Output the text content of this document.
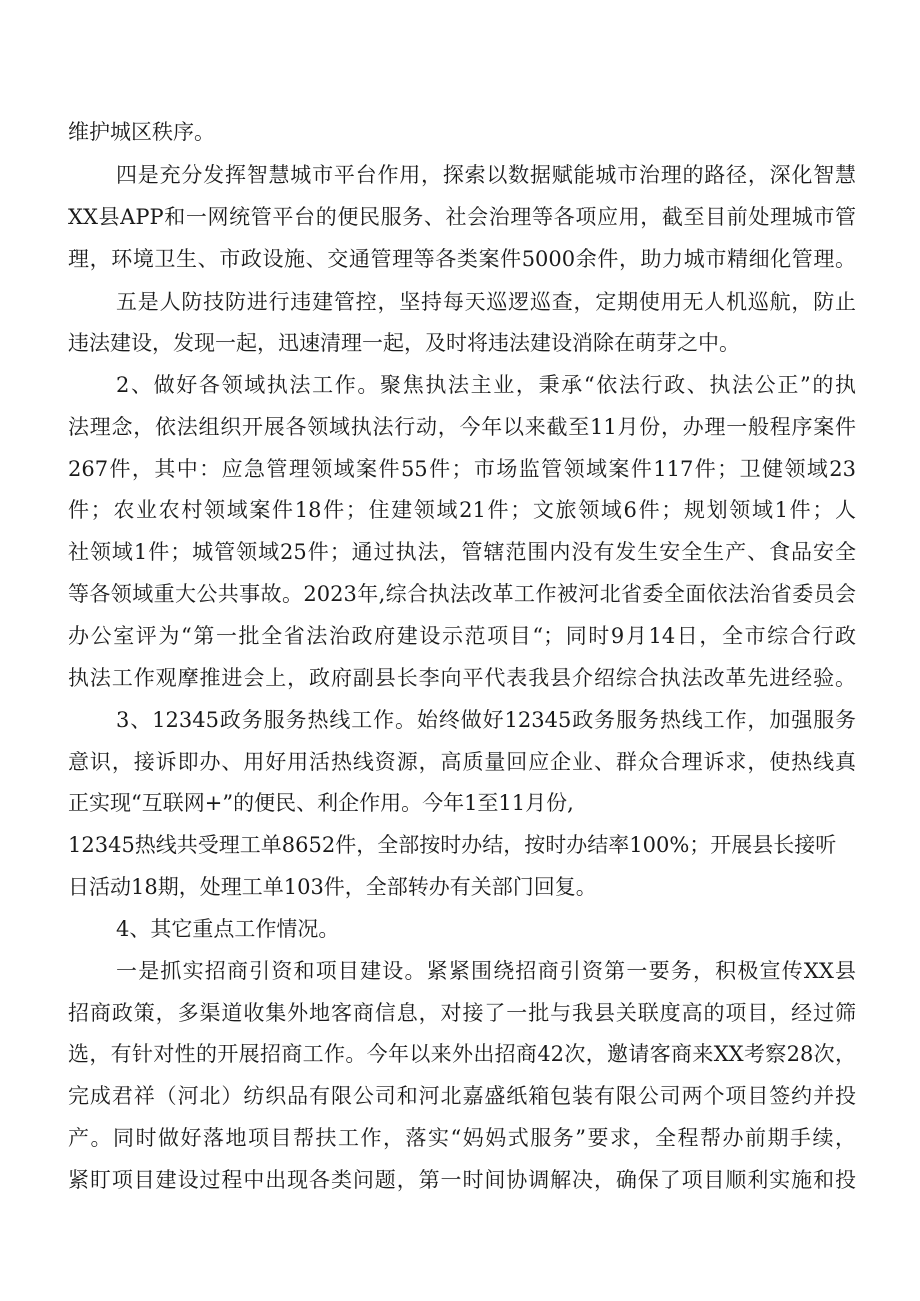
维护城区秩序。
四是充分发挥智慧城市平台作用，探索以数据赋能城市治理的路径，深化智慧
XX县APP和一网统管平台的便民服务、社会治理等各项应用，截至目前处理城市管
理，环境卫生、市政设施、交通管理等各类案件5000余件，助力城市精细化管理。
五是人防技防进行违建管控，坚持每天巡逻巡查，定期使用无人机巡航，防止
违法建设，发现一起，迅速清理一起，及时将违法建设消除在萌芽之中。
2、做好各领域执法工作。聚焦执法主业，秉承“依法行政、执法公正”的执
法理念，依法组织开展各领域执法行动，今年以来截至11月份，办理一般程序案件
267件，其中：应急管理领域案件55件；市场监管领域案件117件；卫健领域23
件；农业农村领域案件18件；住建领域21件；文旅领域6件；规划领域1件；人
社领域1件；城管领域25件；通过执法，管辖范围内没有发生安全生产、食品安全
等各领域重大公共事故。2023年,综合执法改革工作被河北省委全面依法治省委员会
办公室评为“第一批全省法治政府建设示范项目“；同时9月14日，全市综合行政
执法工作观摩推进会上，政府副县长李向平代表我县介绍综合执法改革先进经验。
3、12345政务服务热线工作。始终做好12345政务服务热线工作，加强服务
意识，接诉即办、用好用活热线资源，高质量回应企业、群众合理诉求，使热线真
正实现“互联网+”的便民、利企作用。今年1至11月份,
12345热线共受理工单8652件，全部按时办结，按时办结率100%；开展县长接听
日活动18期，处理工单103件，全部转办有关部门回复。
4、其它重点工作情况。
一是抓实招商引资和项目建设。紧紧围绕招商引资第一要务，积极宣传XX县
招商政策，多渠道收集外地客商信息，对接了一批与我县关联度高的项目，经过筛
选，有针对性的开展招商工作。今年以来外出招商42次，邀请客商来XX考察28次，
完成君祥（河北）纺织品有限公司和河北嘉盛纸箱包装有限公司两个项目签约并投
产。同时做好落地项目帮扶工作，落实“妈妈式服务”要求，全程帮办前期手续，
紧盯项目建设过程中出现各类问题，第一时间协调解决，确保了项目顺利实施和投
